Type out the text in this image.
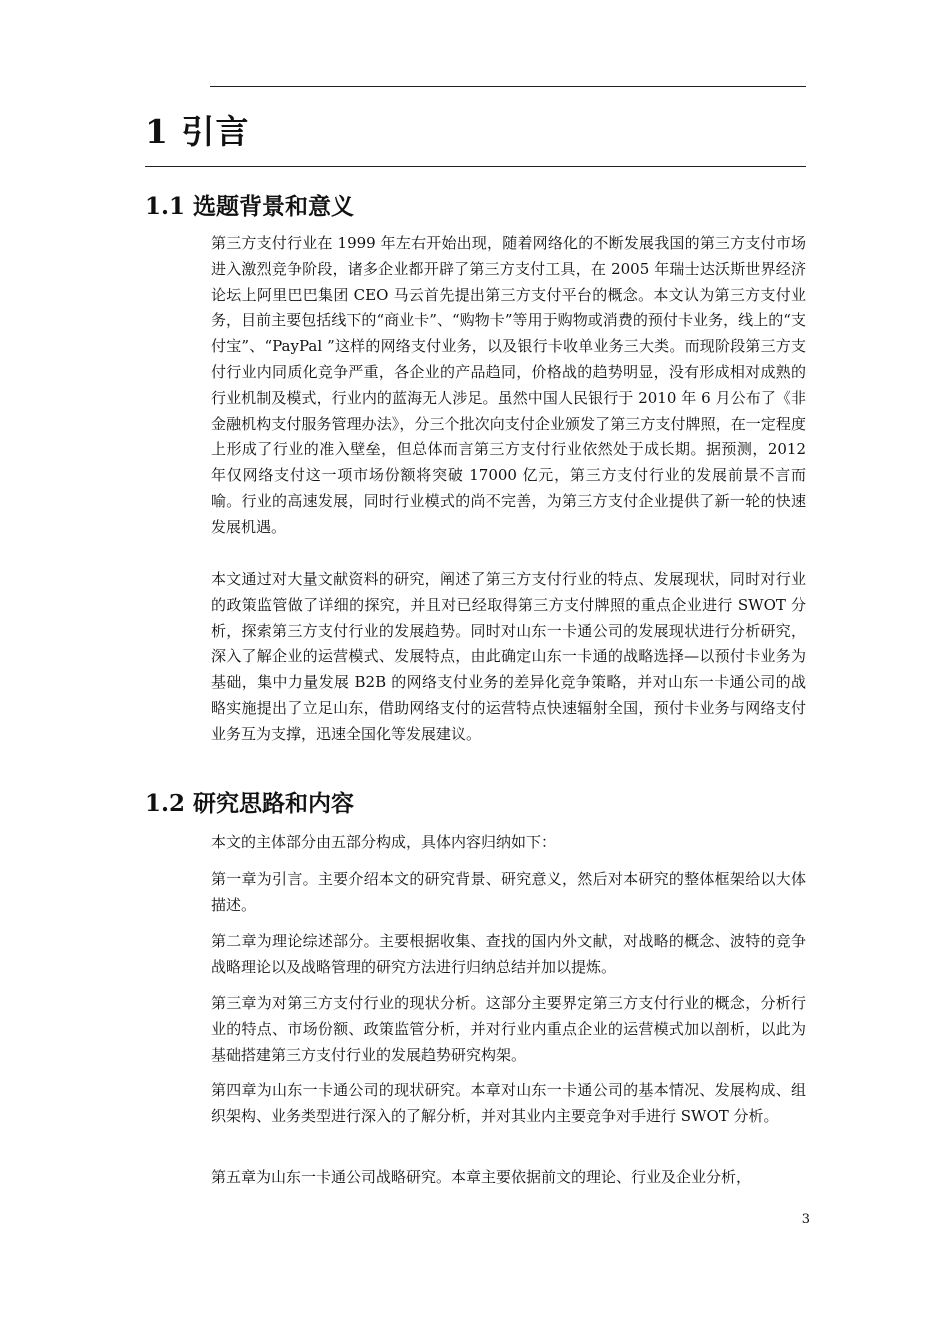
1 引言
1.1 选题背景和意义

第三方支付行业在 1999 年左右开始出现，随着网络化的不断发展我国的第三方支付市场进入激烈竞争阶段，诸多企业都开辟了第三方支付工具，在 2005 年瑞士达沃斯世界经济论坛上阿里巴巴集团 CEO 马云首先提出第三方支付平台的概念。本文认为第三方支付业务，目前主要包括线下的“商业卡”、“购物卡”等用于购物或消费的预付卡业务，线上的“支付宝”、“PayPal ”这样的网络支付业务，以及银行卡收单业务三大类。而现阶段第三方支付行业内同质化竞争严重，各企业的产品趋同，价格战的趋势明显，没有形成相对成熟的行业机制及模式，行业内的蓝海无人涉足。虽然中国人民银行于 2010 年 6 月公布了《非金融机构支付服务管理办法》，分三个批次向支付企业颁发了第三方支付牌照，在一定程度上形成了行业的准入壁垒，但总体而言第三方支付行业依然处于成长期。据预测，2012 年仅网络支付这一项市场份额将突破 17000 亿元，第三方支付行业的发展前景不言而喻。行业的高速发展，同时行业模式的尚不完善，为第三方支付企业提供了新一轮的快速发展机遇。

本文通过对大量文献资料的研究，阐述了第三方支付行业的特点、发展现状，同时对行业的政策监管做了详细的探究，并且对已经取得第三方支付牌照的重点企业进行 SWOT 分析，探索第三方支付行业的发展趋势。同时对山东一卡通公司的发展现状进行分析研究，深入了解企业的运营模式、发展特点，由此确定山东一卡通的战略选择—以预付卡业务为基础，集中力量发展 B2B 的网络支付业务的差异化竞争策略，并对山东一卡通公司的战略实施提出了立足山东，借助网络支付的运营特点快速辐射全国，预付卡业务与网络支付业务互为支撑，迅速全国化等发展建议。

1.2 研究思路和内容

本文的主体部分由五部分构成，具体内容归纳如下：

第一章为引言。主要介绍本文的研究背景、研究意义，然后对本研究的整体框架给以大体描述。

第二章为理论综述部分。主要根据收集、查找的国内外文献，对战略的概念、波特的竞争战略理论以及战略管理的研究方法进行归纳总结并加以提炼。

第三章为对第三方支付行业的现状分析。这部分主要界定第三方支付行业的概念，分析行业的特点、市场份额、政策监管分析，并对行业内重点企业的运营模式加以剖析，以此为基础搭建第三方支付行业的发展趋势研究构架。

第四章为山东一卡通公司的现状研究。本章对山东一卡通公司的基本情况、发展构成、组织架构、业务类型进行深入的了解分析，并对其业内主要竞争对手进行 SWOT 分析。

第五章为山东一卡通公司战略研究。本章主要依据前文的理论、行业及企业分析，

3
